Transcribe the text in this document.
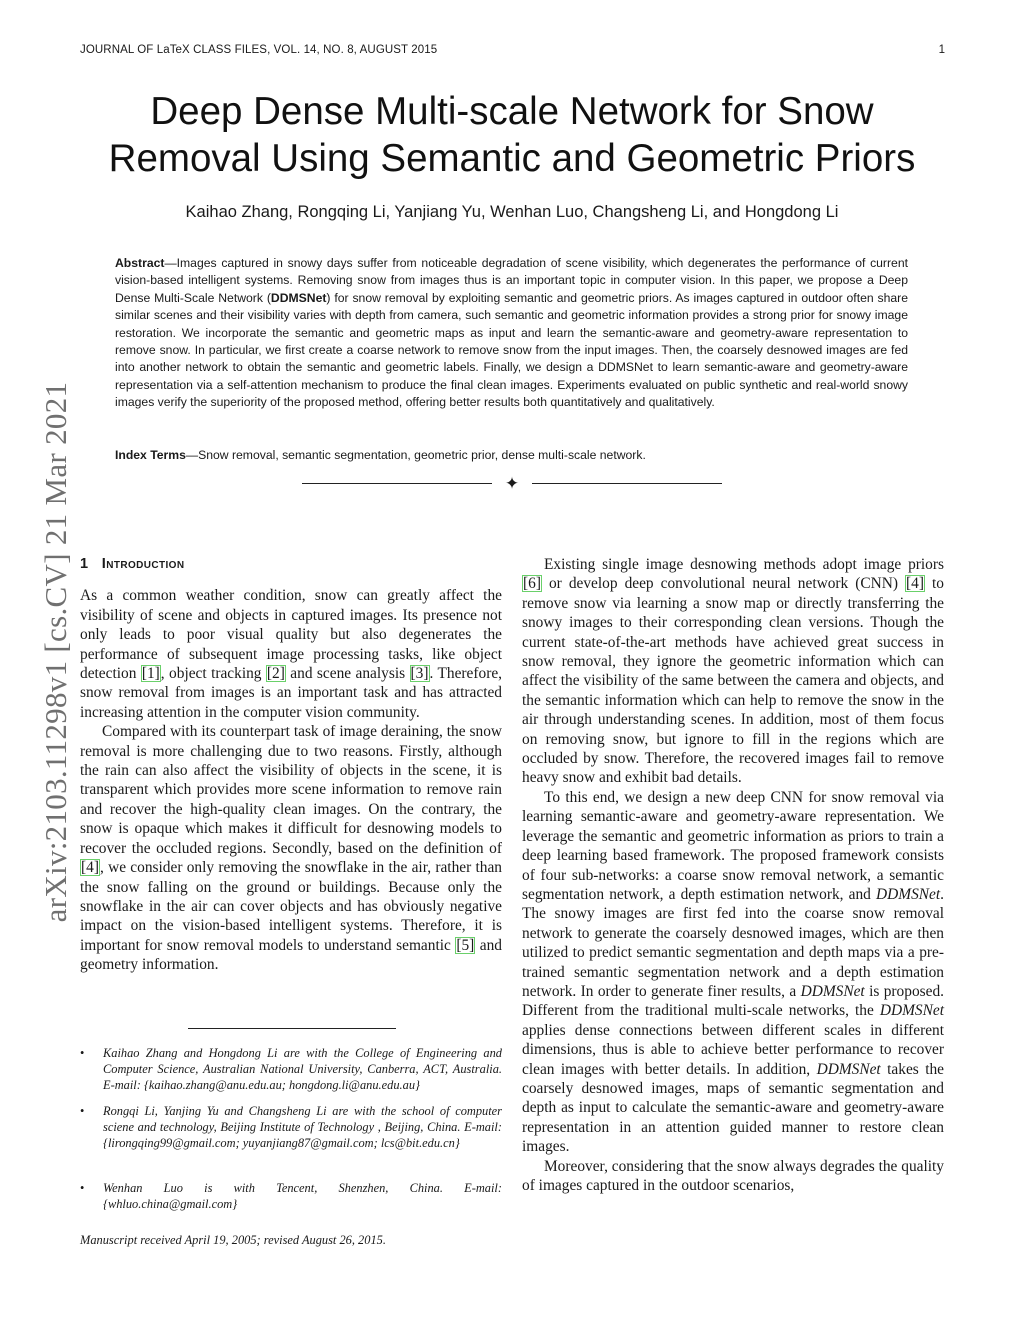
JOURNAL OF LaTeX CLASS FILES, VOL. 14, NO. 8, AUGUST 2015	1
Deep Dense Multi-scale Network for Snow
Removal Using Semantic and Geometric Priors
Kaihao Zhang, Rongqing Li, Yanjiang Yu, Wenhan Luo, Changsheng Li, and Hongdong Li

Abstract—Images captured in snowy days suffer from noticeable degradation of scene visibility, which degenerates the performance of current vision-based intelligent systems. Removing snow from images thus is an important topic in computer vision. In this paper, we propose a Deep Dense Multi-Scale Network (DDMSNet) for snow removal by exploiting semantic and geometric priors. As images captured in outdoor often share similar scenes and their visibility varies with depth from camera, such semantic and geometric information provides a strong prior for snowy image restoration. We incorporate the semantic and geometric maps as input and learn the semantic-aware and geometry-aware representation to remove snow. In particular, we first create a coarse network to remove snow from the input images. Then, the coarsely desnowed images are fed into another network to obtain the semantic and geometric labels. Finally, we design a DDMSNet to learn semantic-aware and geometry-aware representation via a self-attention mechanism to produce the final clean images. Experiments evaluated on public synthetic and real-world snowy images verify the superiority of the proposed method, offering better results both quantitatively and qualitatively.

Index Terms—Snow removal, semantic segmentation, geometric prior, dense multi-scale network.

✦
arXiv:2103.11298v1 [cs.CV] 21 Mar 2021 1 Introduction

As a common weather condition, snow can greatly affect the visibility of scene and objects in captured images. Its presence not only leads to poor visual quality but also degenerates the performance of subsequent image processing tasks, like object detection [1], object tracking [2] and scene analysis [3]. Therefore, snow removal from images is an important task and has attracted increasing attention in the computer vision community.

Compared with its counterpart task of image deraining, the snow removal is more challenging due to two reasons. Firstly, although the rain can also affect the visibility of objects in the scene, it is transparent which provides more scene information to remove rain and recover the high-quality clean images. On the contrary, the snow is opaque which makes it difficult for desnowing models to recover the occluded regions. Secondly, based on the definition of [4], we consider only removing the snowflake in the air, rather than the snow falling on the ground or buildings. Because only the snowflake in the air can cover objects and has obviously negative impact on the vision-based intelligent systems. Therefore, it is important for snow removal models to understand semantic [5] and geometry information.

• Kaihao Zhang and Hongdong Li are with the College of Engineering and Computer Science, Australian National University, Canberra, ACT, Australia. E-mail: {kaihao.zhang@anu.edu.au; hongdong.li@anu.edu.au}
• Rongqi Li, Yanjing Yu and Changsheng Li are with the school of computer sciene and technology, Beijing Institute of Technology , Beijing, China. E-mail: {lirongqing99@gmail.com; yuyanjiang87@gmail.com; lcs@bit.edu.cn}
• Wenhan Luo is with Tencent, Shenzhen, China. E-mail: {whluo.china@gmail.com}
Manuscript received April 19, 2005; revised August 26, 2015.

Existing single image desnowing methods adopt image priors [6] or develop deep convolutional neural network (CNN) [4] to remove snow via learning a snow map or directly transferring the snowy images to their corresponding clean versions. Though the current state-of-the-art methods have achieved great success in snow removal, they ignore the geometric information which can affect the visibility of the same between the camera and objects, and the semantic information which can help to remove the snow in the air through understanding scenes. In addition, most of them focus on removing snow, but ignore to fill in the regions which are occluded by snow. Therefore, the recovered images fail to remove heavy snow and exhibit bad details.

To this end, we design a new deep CNN for snow removal via learning semantic-aware and geometry-aware representation. We leverage the semantic and geometric information as priors to train a deep learning based framework. The proposed framework consists of four sub-networks: a coarse snow removal network, a semantic segmentation network, a depth estimation network, and DDMSNet. The snowy images are first fed into the coarse snow removal network to generate the coarsely desnowed images, which are then utilized to predict semantic segmentation and depth maps via a pre-trained semantic segmentation network and a depth estimation network. In order to generate finer results, a DDMSNet is proposed. Different from the traditional multi-scale networks, the DDMSNet applies dense connections between different scales in different dimensions, thus is able to achieve better performance to recover clean images with better details. In addition, DDMSNet takes the coarsely desnowed images, maps of semantic segmentation and depth as input to calculate the semantic-aware and geometry-aware representation in an attention guided manner to restore clean images.

Moreover, considering that the snow always degrades the quality of images captured in the outdoor scenarios,
